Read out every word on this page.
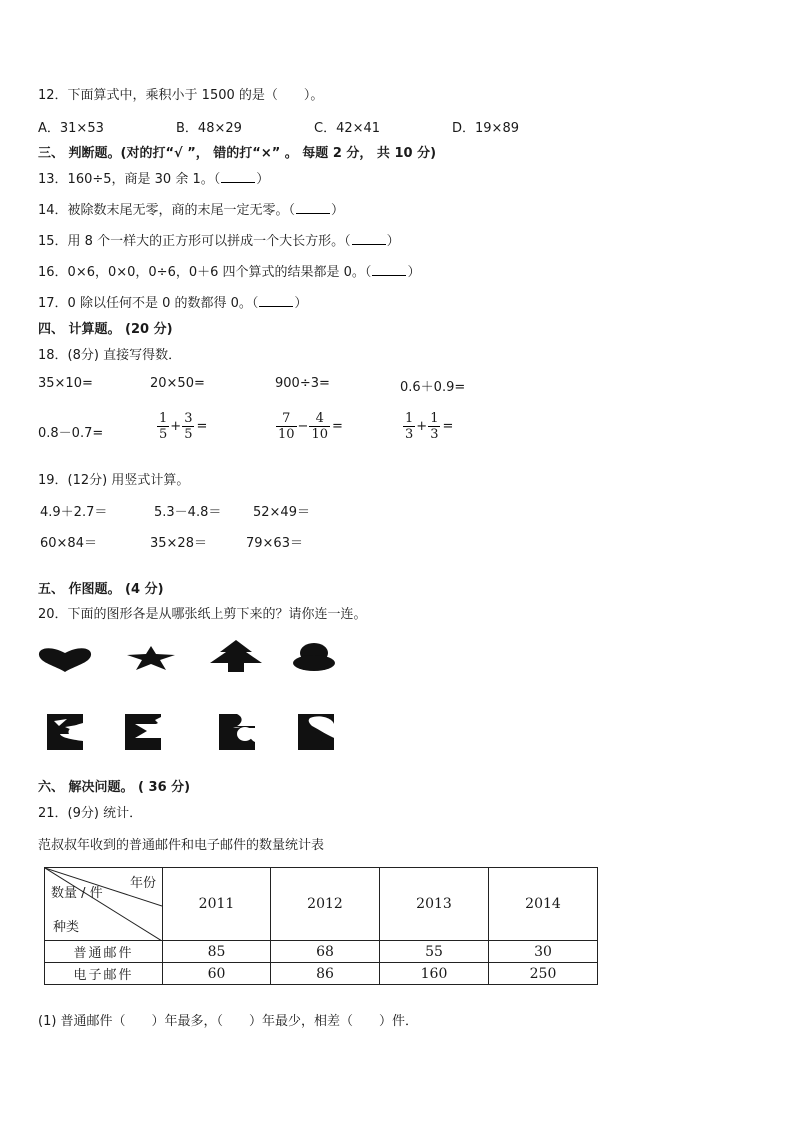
12．下面算式中，乘积小于 1500 的是（　　）。
A．31×53	B．48×29	C．42×41	D．19×89
三、 判断题。(对的打“√ ”， 错的打“×” 。 每题 2 分， 共 10 分)
13．160÷5，商是 30 余 1。（	）
14．被除数末尾无零，商的末尾一定无零。（	）
15．用 8 个一样大的正方形可以拼成一个大长方形。（	）
16．0×6，0×0，0÷6，0＋6 四个算式的结果都是 0。（	）
17．0 除以任何不是 0 的数都得 0。（	）
四、 计算题。 (20 分)
18．(8分) 直接写得数．
35×10=	20×50=	900÷3=	0.6＋0.9=
0.8－0.7=	$\frac{1}{5} + \frac{3}{5}$ =	$\frac{7}{10} - \frac{4}{10}$ =	$\frac{1}{3} + \frac{1}{3}$ =
19．(12分) 用竖式计算。
4.9＋2.7＝	5.3－4.8＝ 52×49＝
60×84＝	35×28＝	79×63＝
五、 作图题。 (4 分)
20．下面的图形各是从哪张纸上剪下来的？请你连一连。
六、 解决问题。 ( 36 分)
21．(9分) 统计．
范叔叔年收到的普通邮件和电子邮件的数量统计表
年份
数量 / 件
种类	2011	2012	2013	2014
普通邮件	85	68	55	30
电子邮件	60	86	160	250
(1) 普通邮件（　　）年最多，（　　）年最少，相差（　　）件．
